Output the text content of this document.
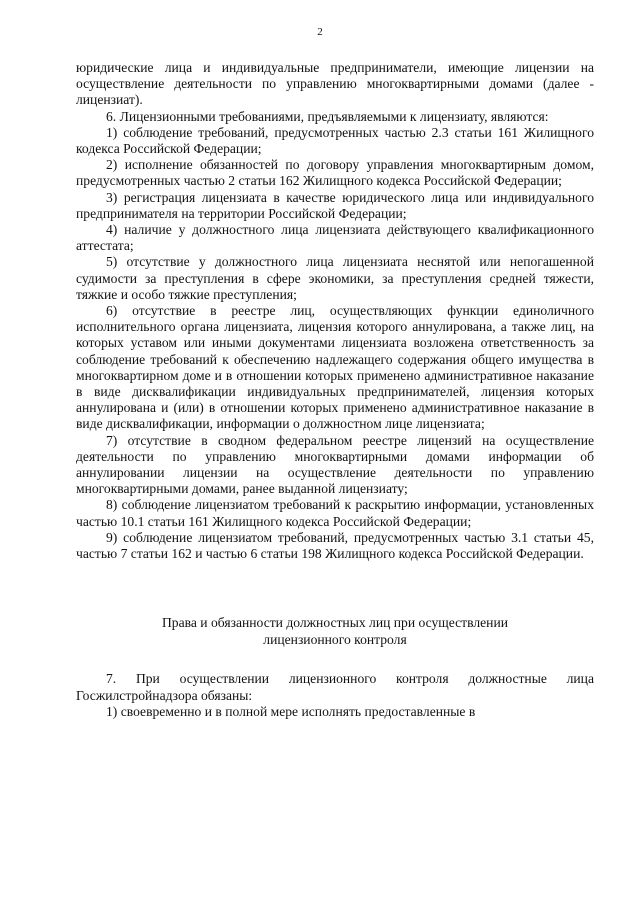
2

юридические лица и индивидуальные предприниматели, имеющие лицензии на осуществление деятельности по управлению многоквартирными домами (далее - лицензиат).

6. Лицензионными требованиями, предъявляемыми к лицензиату, являются:

1) соблюдение требований, предусмотренных частью 2.3 статьи 161 Жилищного кодекса Российской Федерации;

2) исполнение обязанностей по договору управления многоквартирным домом, предусмотренных частью 2 статьи 162 Жилищного кодекса Российской Федерации;

3) регистрация лицензиата в качестве юридического лица или индивидуального предпринимателя на территории Российской Федерации;

4) наличие у должностного лица лицензиата действующего квалификационного аттестата;

5) отсутствие у должностного лица лицензиата неснятой или непогашенной судимости за преступления в сфере экономики, за преступления средней тяжести, тяжкие и особо тяжкие преступления;

6) отсутствие в реестре лиц, осуществляющих функции единоличного исполнительного органа лицензиата, лицензия которого аннулирована, а также лиц, на которых уставом или иными документами лицензиата возложена ответственность за соблюдение требований к обеспечению надлежащего содержания общего имущества в многоквартирном доме и в отношении которых применено административное наказание в виде дисквалификации индивидуальных предпринимателей, лицензия которых аннулирована и (или) в отношении которых применено административное наказание в виде дисквалификации, информации о должностном лице лицензиата;

7) отсутствие в сводном федеральном реестре лицензий на осуществление деятельности по управлению многоквартирными домами информации об аннулировании лицензии на осуществление деятельности по управлению многоквартирными домами, ранее выданной лицензиату;

8) соблюдение лицензиатом требований к раскрытию информации, установленных частью 10.1 статьи 161 Жилищного кодекса Российской Федерации;

9) соблюдение лицензиатом требований, предусмотренных частью 3.1 статьи 45, частью 7 статьи 162 и частью 6 статьи 198 Жилищного кодекса Российской Федерации.

Права и обязанности должностных лиц при осуществлении
лицензионного контроля

7. При осуществлении лицензионного контроля должностные лица Госжилстройнадзора обязаны:

1) своевременно и в полной мере исполнять предоставленные в
